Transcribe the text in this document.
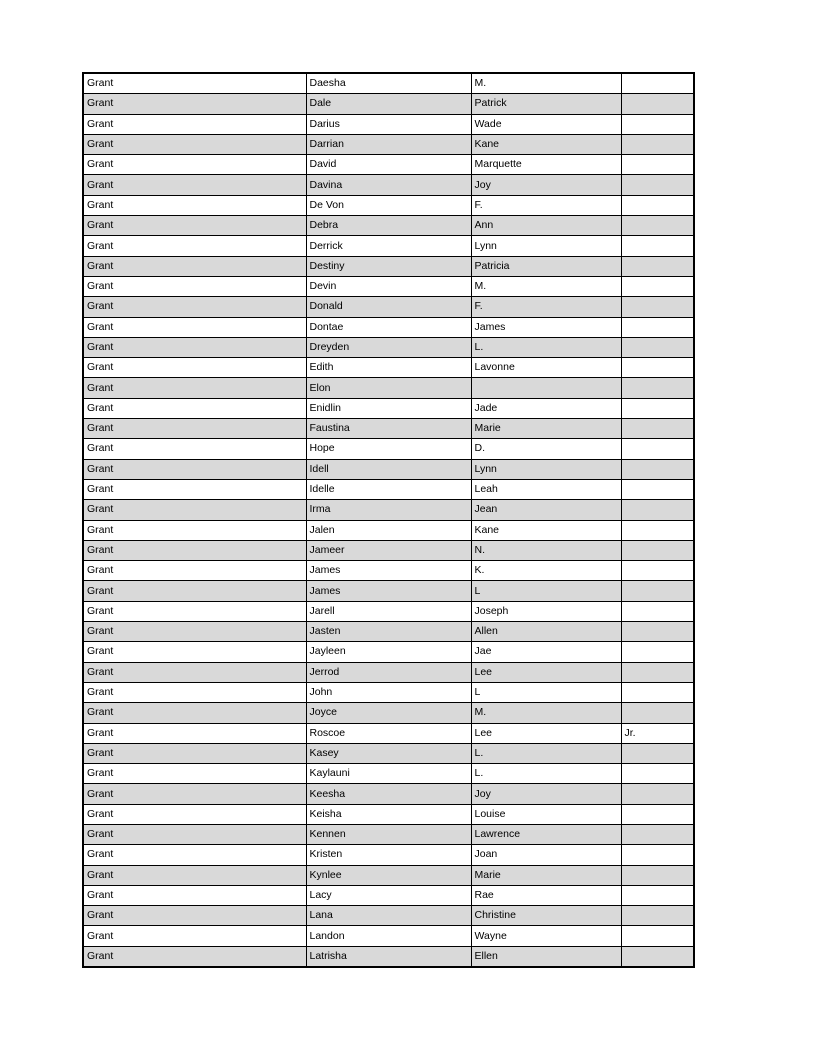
Grant	Daesha	M.	
Grant	Dale	Patrick	
Grant	Darius	Wade	
Grant	Darrian	Kane	
Grant	David	Marquette	
Grant	Davina	Joy	
Grant	De Von	F.	
Grant	Debra	Ann	
Grant	Derrick	Lynn	
Grant	Destiny	Patricia	
Grant	Devin	M.	
Grant	Donald	F.	
Grant	Dontae	James	
Grant	Dreyden	L.	
Grant	Edith	Lavonne	
Grant	Elon		
Grant	Enidlin	Jade	
Grant	Faustina	Marie	
Grant	Hope	D.	
Grant	Idell	Lynn	
Grant	Idelle	Leah	
Grant	Irma	Jean	
Grant	Jalen	Kane	
Grant	Jameer	N.	
Grant	James	K.	
Grant	James	L	
Grant	Jarell	Joseph	
Grant	Jasten	Allen	
Grant	Jayleen	Jae	
Grant	Jerrod	Lee	
Grant	John	L	
Grant	Joyce	M.	
Grant	Roscoe	Lee	Jr.
Grant	Kasey	L.	
Grant	Kaylauni	L.	
Grant	Keesha	Joy	
Grant	Keisha	Louise	
Grant	Kennen	Lawrence	
Grant	Kristen	Joan	
Grant	Kynlee	Marie	
Grant	Lacy	Rae	
Grant	Lana	Christine	
Grant	Landon	Wayne	
Grant	Latrisha	Ellen	
